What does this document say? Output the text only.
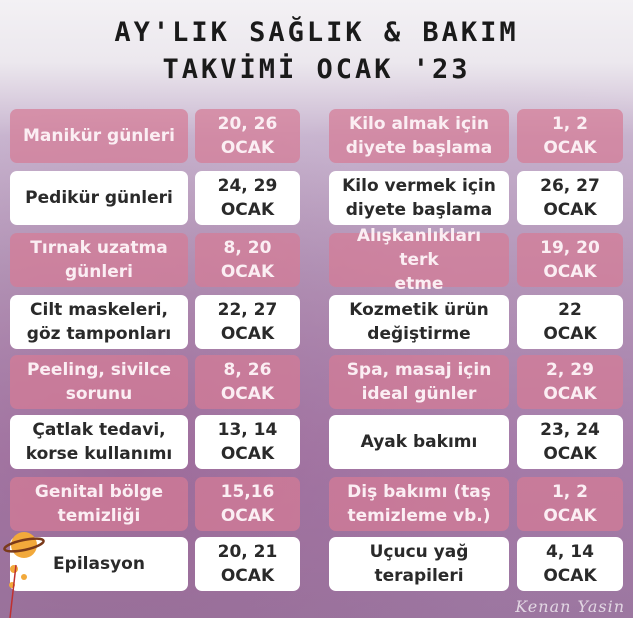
AY'LIK SAĞLIK & BAKIM
TAKVİMİ OCAK '23
Manikür günleri
20, 26
OCAK
Kilo almak için
diyete başlama
1, 2
OCAK
Pedikür günleri
24, 29
OCAK
Kilo vermek için
diyete başlama
26, 27
OCAK
Tırnak uzatma günleri
8, 20
OCAK
Alışkanlıkları terk
etme
19, 20
OCAK
Cilt maskeleri, göz tamponları
22, 27
OCAK
Kozmetik ürün
değiştirme
22
OCAK
Peeling, sivilce sorunu
8, 26
OCAK
Spa, masaj için
ideal günler
2, 29
OCAK
Çatlak tedavi, korse kullanımı
13, 14
OCAK
Ayak bakımı
23, 24
OCAK
Genital bölge temizliği
15,16
OCAK
Diş bakımı (taş
temizleme vb.)
1, 2
OCAK
Epilasyon
20, 21
OCAK
Uçucu yağ
terapileri
4, 14
OCAK
Kenan Yasin
